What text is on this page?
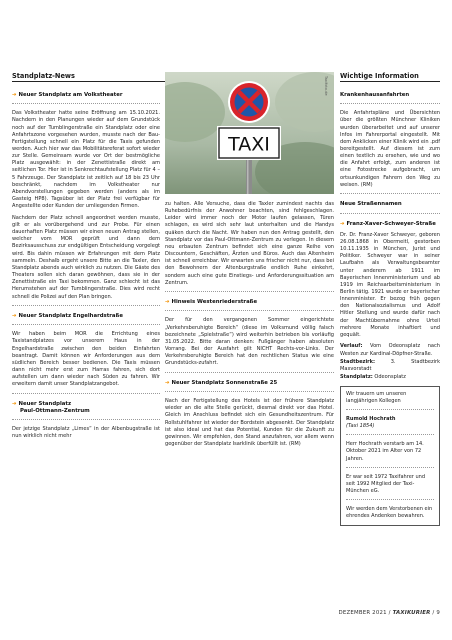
Standplatz-News	Wichtige Information
TAXI
Taxifoto.de
➔ Neuer Standplatz am Volkstheater

Das Volkstheater hatte seine Eröffnung am 15.10.2021. Nachdem in den Planungen wieder auf dem Grundstück noch auf der Tumblingerstraße ein Standplatz oder eine Anfahrtszone vorgesehen wurden, musste nach der Bau-Fertigstellung schnell ein Platz für die Taxis gefunden werden. Auch hier war das Mobilitätsreferat sofort wieder zur Stelle. Gemeinsam wurde vor Ort der bestmögliche Platz ausgewählt: in der Zenettistraße direkt am seitlichen Tor. Hier ist in Senkrechtaufstellung Platz für 4 – 5 Fahrzeuge. Der Standplatz ist zeitlich auf 18 bis 23 Uhr beschränkt, nachdem im Volkstheater nur Abendvorstellungen gegeben werden (anders als im Gasteig HP8). Tagsüber ist der Platz frei verfügbar für Angestellte oder Kunden der umliegenden Firmen.

Nachdem der Platz schnell angeordnet werden musste, gilt er als vorübergehend und zur Probe. Für einen dauerhaften Platz müssen wir einen neuen Antrag stellen, welcher vom MOR geprüft und dann dem Bezirksausschuss zur endgültigen Entscheidung vorgelegt wird. Bis dahin müssen wir Erfahrungen mit dem Platz sammeln. Deshalb ergeht unsere Bitte an die Taxler, den Standplatz abends auch wirklich zu nutzen. Die Gäste des Theaters sollen sich daran gewöhnen, dass sie in der Zenettistraße ein Taxi bekommen. Ganz schlecht ist das Herumstehen auf der Tumblingerstraße. Dies wird recht schnell die Polizei auf den Plan bringen.

➔ Neuer Standplatz Engelhardstraße

Wir haben beim MOR die Errichtung eines Taxistandplatzes vor unserem Haus in der Engelhardstraße zwischen den beiden Einfahrten beantragt. Damit können wir Anforderungen aus dem südlichen Bereich besser bedienen. Die Taxis müssen dann nicht mehr erst zum Harras fahren, sich dort aufstellen um dann wieder nach Süden zu fahren. Wir erweitern damit unser Standplatzangebot.

➔ Neuer Standplatz
Paul-Ottmann-Zentrum

Der jetzige Standplatz „Limes“ in der Albenbugstraße ist nun wirklich nicht mehr

zu halten. Alle Versuche, dass die Taxler zumindest nachts das Ruhebedürfnis der Anwohner beachten, sind fehlgeschlagen. Leider wird immer noch der Motor laufen gelassen, Türen schlagen, es wird sich sehr laut unterhalten und die Handys quäken durch die Nacht. Wir haben nun den Antrag gestellt, den Standplatz vor das Paul-Ottmann-Zentrum zu verlegen. In diesem neu erbauten Zentrum befindet sich eine ganze Reihe von Discountern, Geschäften, Ärzten und Büros. Auch das Altenheim ist schnell erreichbar. Wir erwarten uns frischer nicht nur, dass bei den Bewohnern der Altenburgstraße endlich Ruhe einkehrt, sondern auch eine gute Einstiegs- und Anforderungssituation am Zentrum.

➔ Hinweis Westenriederstraße

Der für den vergangenen Sommer eingerichtete „Verkehrsberuhigte Bereich“ (diese im Volksmund völlig falsch bezeichnete „Spielstraße“) wird weiterhin betrieben bis vorläufig 31.05.2022. Bitte daran denken: Fußgänger haben absoluten Vorrang. Bei der Ausfahrt gilt NICHT Rechts-vor-Links. Der Verkehrsberuhigte Bereich hat den rechtlichen Status wie eine Grundstücks-zufahrt.

➔ Neuer Standplatz Sonnenstraße 25

Nach der Fertigstellung des Hotels ist der frühere Standplatz wieder an die alte Stelle gerückt, diesmal direkt vor das Hotel. Gleich im Anschluss befindet sich ein Gesundheitszentrum. Für Rollstuhlfahrer ist wieder der Bordstein abgesenkt. Der Standplatz ist also ideal und hat das Potential, Kunden für die Zukunft zu gewinnen. Wir empfehlen, den Stand anzufahren, vor allem wenn gegenüber der Standplatz Isarklinik überfüllt ist. (RM)

Krankenhausanfahrten

Die Anfahrtspläne und Übersichten über die größten Münchner Kliniken wurden überarbeitet und auf unserer Infos im Fahrerportal eingestellt. Mit dem Anklicken einer Klinik wird ein .pdf bereitgestellt. Auf diesem ist zum einen textlich zu ersehen, wie und wo die Anfahrt erfolgt, zum anderen ist eine Fotostrecke aufgebracht, um ortsunkundigen Fahrern den Weg zu weisen. (RM)

Neue Straßennamen
➔ Franz-Xaver-Schweyer-Straße

Dr. Dr. Franz-Xaver Schweyer, geboren 26.08.1868 in Obermeitl, gestorben 10.11.1935 in München, Jurist und Politiker. Schweyer war in seiner Laufbahn als Verwaltungsbeamter unter anderem ab 1911 im Bayerischen Innenministerium und ab 1919 im Reichsarbeitsministerium in Berlin tätig. 1921 wurde er bayerischer Innenminister. Er bezog früh gegen den Nationalsozialismus und Adolf Hitler Stellung und wurde dafür nach der Machtübernahme ohne Urteil mehrere Monate inhaftiert und gequält.

Verlauf: Vom Odeonsplatz nach Westen zur Kardinal-Döpfner-Straße.

Stadtbezirk: 3. Stadtbezirk Maxvorstadt

Standplatz: Odeonsplatz

Wir trauern um unseren langjährigen Kollegen

Rumold Hochrath

(Taxi 1854)

Herr Hochrath verstarb am 14. Oktober 2021 im Alter von 72 Jahren.

Er war seit 1972 Taxifahrer und seit 1992 Mitglied der Taxi-München eG.

Wir werden dem Verstorbenen ein ehrendes Andenken bewahren.

DEZEMBER 2021 / TAXIKURIER / 9
